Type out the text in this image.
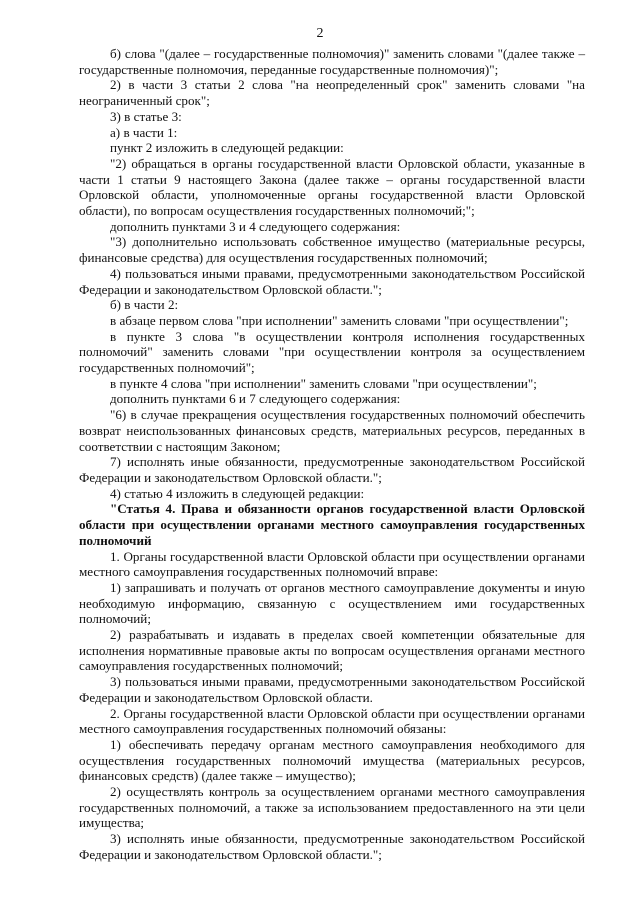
2

б) слова "(далее – государственные полномочия)" заменить словами "(далее также – государственные полномочия, переданные государственные полномочия)";

2) в части 3 статьи 2 слова "на неопределенный срок" заменить словами "на неограниченный срок";

3) в статье 3:

а) в части 1:

пункт 2 изложить в следующей редакции:

"2) обращаться в органы государственной власти Орловской области, указанные в части 1 статьи 9 настоящего Закона (далее также – органы государственной власти Орловской области, уполномоченные органы государственной власти Орловской области), по вопросам осуществления государственных полномочий;";

дополнить пунктами 3 и 4 следующего содержания:

"3) дополнительно использовать собственное имущество (материальные ресурсы, финансовые средства) для осуществления государственных полномочий;

4) пользоваться иными правами, предусмотренными законодательством Российской Федерации и законодательством Орловской области.";

б) в части 2:

в абзаце первом слова "при исполнении" заменить словами "при осуществлении";

в пункте 3 слова "в осуществлении контроля исполнения государственных полномочий" заменить словами "при осуществлении контроля за осуществлением государственных полномочий";

в пункте 4 слова "при исполнении" заменить словами "при осуществлении";

дополнить пунктами 6 и 7 следующего содержания:

"6) в случае прекращения осуществления государственных полномочий обеспечить возврат неиспользованных финансовых средств, материальных ресурсов, переданных в соответствии с настоящим Законом;

7) исполнять иные обязанности, предусмотренные законодательством Российской Федерации и законодательством Орловской области.";

4) статью 4 изложить в следующей редакции:

"Статья 4. Права и обязанности органов государственной власти Орловской области при осуществлении органами местного самоуправления государственных полномочий

1. Органы государственной власти Орловской области при осуществлении органами местного самоуправления государственных полномочий вправе:

1) запрашивать и получать от органов местного самоуправление документы и иную необходимую информацию, связанную с осуществлением ими государственных полномочий;

2) разрабатывать и издавать в пределах своей компетенции обязательные для исполнения нормативные правовые акты по вопросам осуществления органами местного самоуправления государственных полномочий;

3) пользоваться иными правами, предусмотренными законодательством Российской Федерации и законодательством Орловской области.

2. Органы государственной власти Орловской области при осуществлении органами местного самоуправления государственных полномочий обязаны:

1) обеспечивать передачу органам местного самоуправления необходимого для осуществления государственных полномочий имущества (материальных ресурсов, финансовых средств) (далее также – имущество);

2) осуществлять контроль за осуществлением органами местного самоуправления государственных полномочий, а также за использованием предоставленного на эти цели имущества;

3) исполнять иные обязанности, предусмотренные законодательством Российской Федерации и законодательством Орловской области.";
